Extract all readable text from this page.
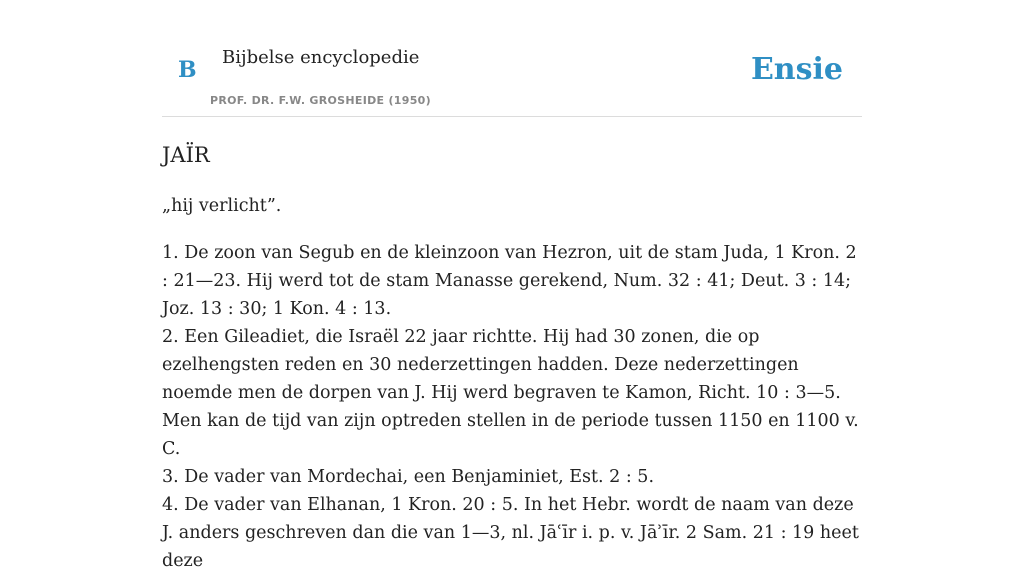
B Bijbelse encyclopedie
PROF. DR. F.W. GROSHEIDE (1950)
Ensie
JAÏR

„hij verlicht”.

1. De zoon van Segub en de kleinzoon van Hezron, uit de stam Juda, 1 Kron. 2 : 21—23. Hij werd tot de stam Manasse gerekend, Num. 32 : 41; Deut. 3 : 14; Joz. 13 : 30; 1 Kon. 4 : 13.

2. Een Gileadiet, die Israël 22 jaar richtte. Hij had 30 zonen, die op ezelhengsten reden en 30 nederzettingen hadden. Deze nederzettingen noemde men de dorpen van J. Hij werd begraven te Kamon, Richt. 10 : 3—5. Men kan de tijd van zijn optreden stellen in de periode tussen 1150 en 1100 v. C.

3. De vader van Mordechai, een Benjaminiet, Est. 2 : 5.

4. De vader van Elhanan, 1 Kron. 20 : 5. In het Hebr. wordt de naam van deze J. anders geschreven dan die van 1—3, nl. Jāʿīr i. p. v. Jāʾīr. 2 Sam. 21 : 19 heet deze
